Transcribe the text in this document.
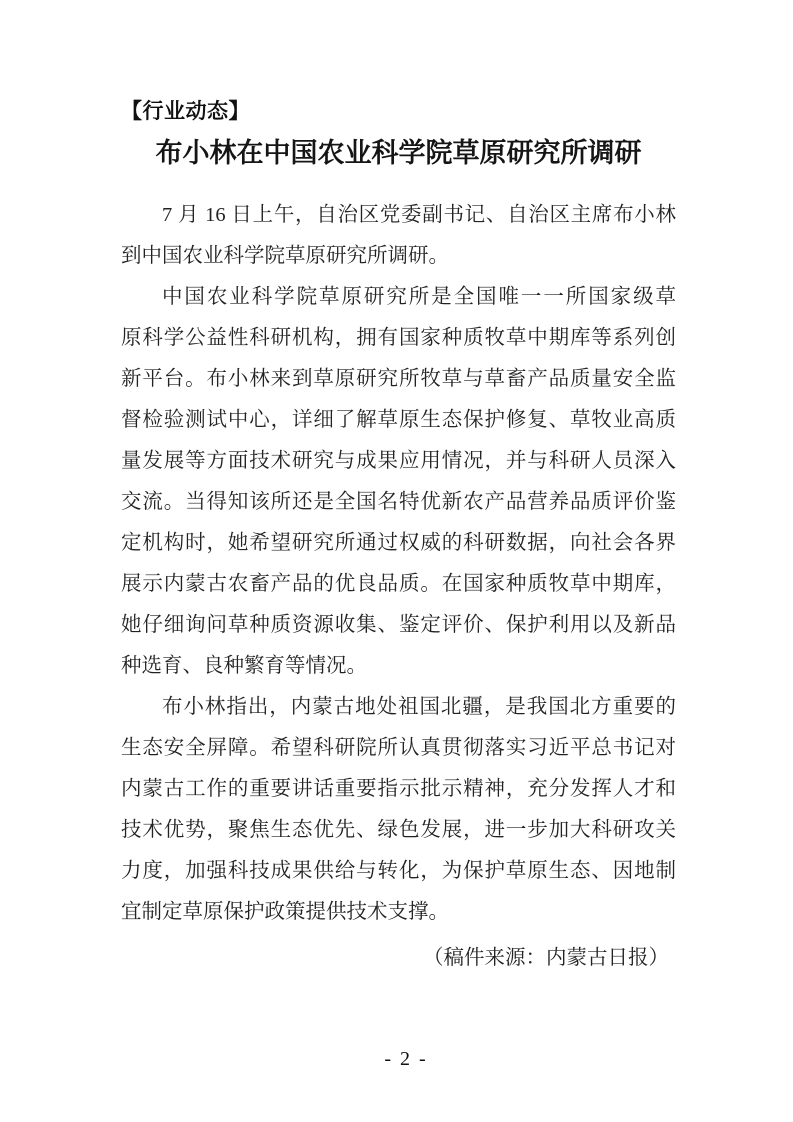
【行业动态】
布小林在中国农业科学院草原研究所调研
7 月 16 日上午，自治区党委副书记、自治区主席布小林
到中国农业科学院草原研究所调研。
中国农业科学院草原研究所是全国唯一一所国家级草
原科学公益性科研机构，拥有国家种质牧草中期库等系列创
新平台。布小林来到草原研究所牧草与草畜产品质量安全监
督检验测试中心，详细了解草原生态保护修复、草牧业高质
量发展等方面技术研究与成果应用情况，并与科研人员深入
交流。当得知该所还是全国名特优新农产品营养品质评价鉴
定机构时，她希望研究所通过权威的科研数据，向社会各界
展示内蒙古农畜产品的优良品质。在国家种质牧草中期库，
她仔细询问草种质资源收集、鉴定评价、保护利用以及新品
种选育、良种繁育等情况。
布小林指出，内蒙古地处祖国北疆，是我国北方重要的
生态安全屏障。希望科研院所认真贯彻落实习近平总书记对
内蒙古工作的重要讲话重要指示批示精神，充分发挥人才和
技术优势，聚焦生态优先、绿色发展，进一步加大科研攻关
力度，加强科技成果供给与转化，为保护草原生态、因地制
宜制定草原保护政策提供技术支撑。
（稿件来源：内蒙古日报）
- 2 -
